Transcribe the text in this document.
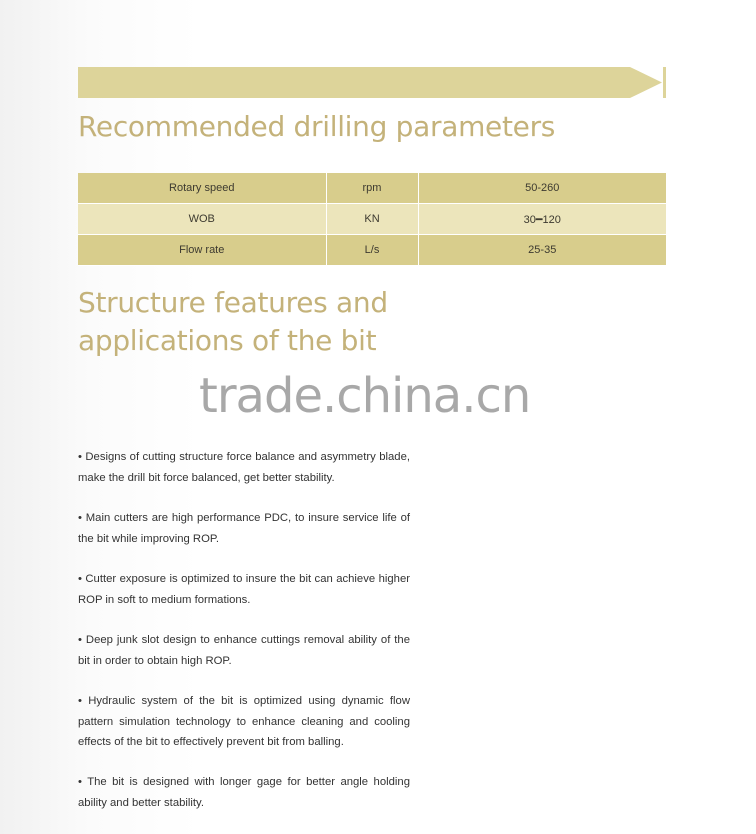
Recommended drilling parameters
Rotary speed	rpm	50-260
WOB	KN	30━120
Flow rate	L/s	25-35
Structure features and
applications of the bit
trade.china.cn
• Designs of cutting structure force balance and asymmetry blade, make the drill bit force balanced, get better stability.
• Main cutters are high performance PDC, to insure service life of the bit while improving ROP.
• Cutter exposure is optimized to insure the bit can achieve higher ROP in soft to medium formations.
• Deep junk slot design to enhance cuttings removal ability of the bit in order to obtain high ROP.
• Hydraulic system of the bit is optimized using dynamic flow pattern simulation technology to enhance cleaning and cooling effects of the bit to effectively prevent bit from balling.
• The bit is designed with longer gage for better angle holding ability and better stability.
